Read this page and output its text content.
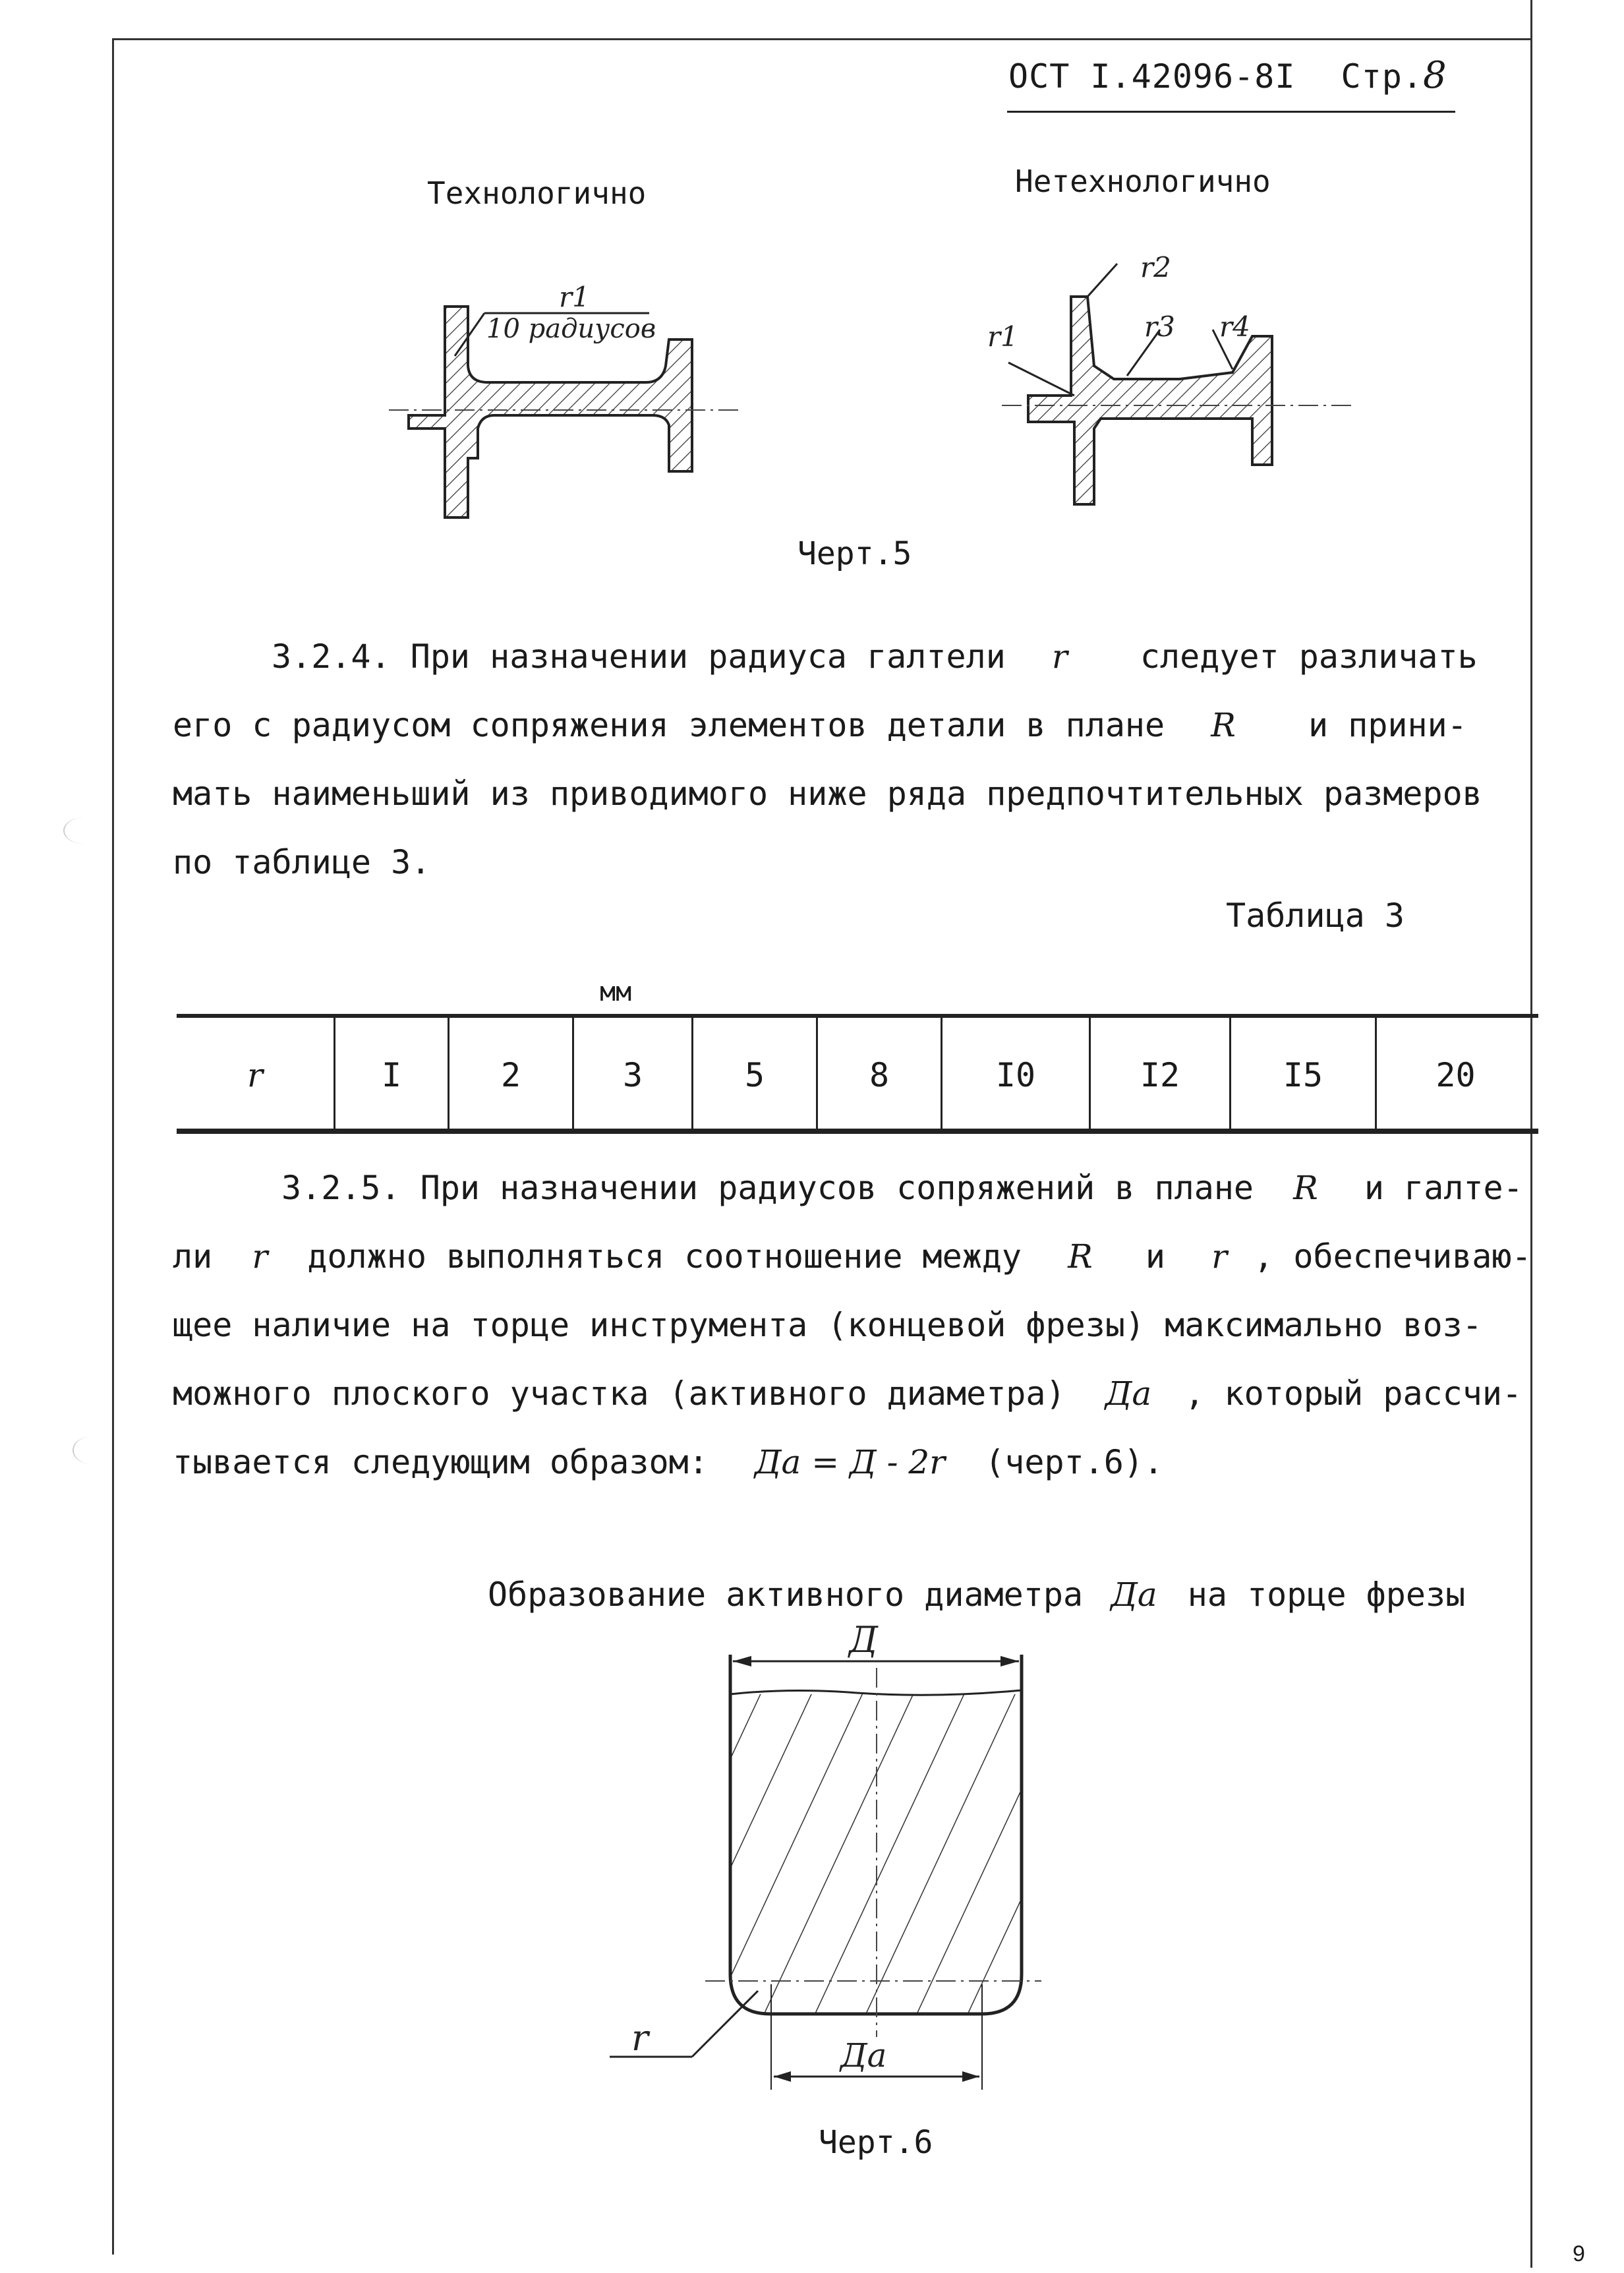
ОСТ I.42096-8I Стр.8
Технологично	Нетехнологично
r1
10 радиусов	r1
r2
r3 r4
Черт.5
3.2.4. При назначении радиуса галтели r следует различать
его с радиусом сопряжения элементов детали в плане R и прини-
мать наименьший из приводимого ниже ряда предпочтительных размеров
по таблице 3.
Таблица 3
мм
r	I	2	3	5	8	I0	I2	I5	20
3.2.5. При назначении радиусов сопряжений в плане R и галте-
ли r должно выполняться соотношение между R и r , обеспечиваю-
щее наличие на торце инструмента (концевой фрезы) максимально воз-
можного плоского участка (активного диаметра) Да , который рассчи-
тывается следующим образом: Да = Д - 2r (черт.6).
Образование активного диаметра Да на торце фрезы
Д
Да
r
Черт.6
9
